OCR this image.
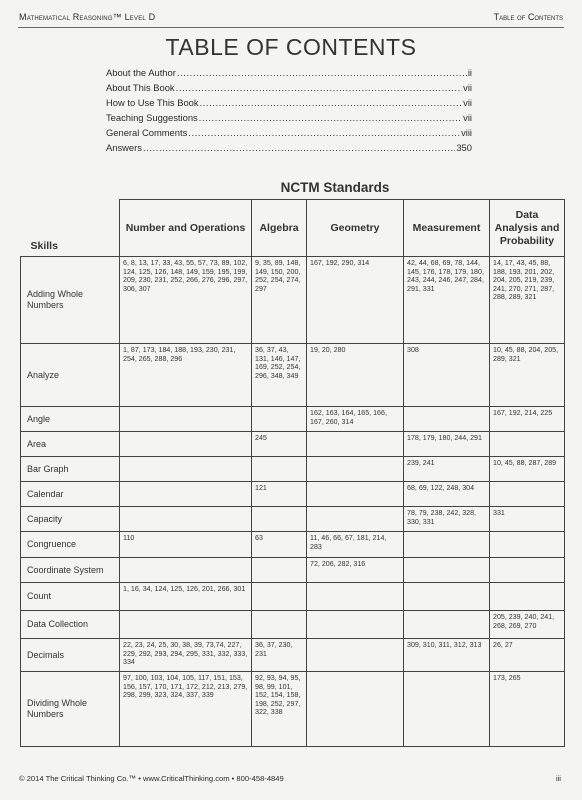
Mathematical Reasoning™ Level D	Table of Contents
TABLE OF CONTENTS
About the Author .....	ii
About This Book .....	vii
How to Use This Book .....	vii
Teaching Suggestions .....	vii
General Comments .....	viii
Answers .....	350
NCTM Standards
Skills	Number and Operations	Algebra	Geometry	Measurement	Data Analysis and Probability
Adding Whole Numbers	6, 8, 13, 17, 33, 43, 55, 57, 73, 89, 102, 124, 125, 126, 148, 149, 159, 195, 199, 209, 230, 231, 252, 266, 276, 296, 297, 306, 307	9, 35, 89, 148, 149, 150, 200, 252, 254, 274, 297	167, 192, 290, 314	42, 44, 68, 69, 78, 144, 145, 176, 178, 179, 180, 243, 244, 246, 247, 284, 291, 331	14, 17, 43, 45, 88, 188, 193, 201, 202, 204, 205, 219, 239, 241, 270, 271, 287, 288, 289, 321
Analyze	1, 87, 173, 184, 188, 193, 230, 231, 254, 265, 288, 296	36, 37, 43, 131, 146, 147, 169, 252, 254, 296, 348, 349	19, 20, 280	308	10, 45, 88, 204, 205, 289, 321
Angle			162, 163, 164, 165, 166, 167, 260, 314		167, 192, 214, 225
Area		245		178, 179, 180, 244, 291	
Bar Graph				239, 241	10, 45, 88, 287, 289
Calendar		121		68, 69, 122, 248, 304	
Capacity				78, 79, 238, 242, 328, 330, 331	331
Congruence	110	63	11, 46, 66, 67, 181, 214, 283		
Coordinate System			72, 206, 282, 316		
Count	1, 16, 34, 124, 125, 126, 201, 266, 301				
Data Collection					205, 239, 240, 241, 268, 269, 270
Decimals	22, 23, 24, 25, 30, 38, 39, 73,74, 227, 229, 292, 293, 294, 295, 331, 332, 333, 334	36, 37, 230, 231		309, 310, 311, 312, 313	26, 27
Dividing Whole Numbers	97, 100, 103, 104, 105, 117, 151, 153, 156, 157, 170, 171, 172, 212, 213, 279, 298, 299, 323, 324, 337, 339	92, 93, 94, 95, 98, 99, 101, 152, 154, 158, 198, 252, 297, 322, 338			173, 265
© 2014 The Critical Thinking Co.™ • www.CriticalThinking.com • 800-458-4849	iii
